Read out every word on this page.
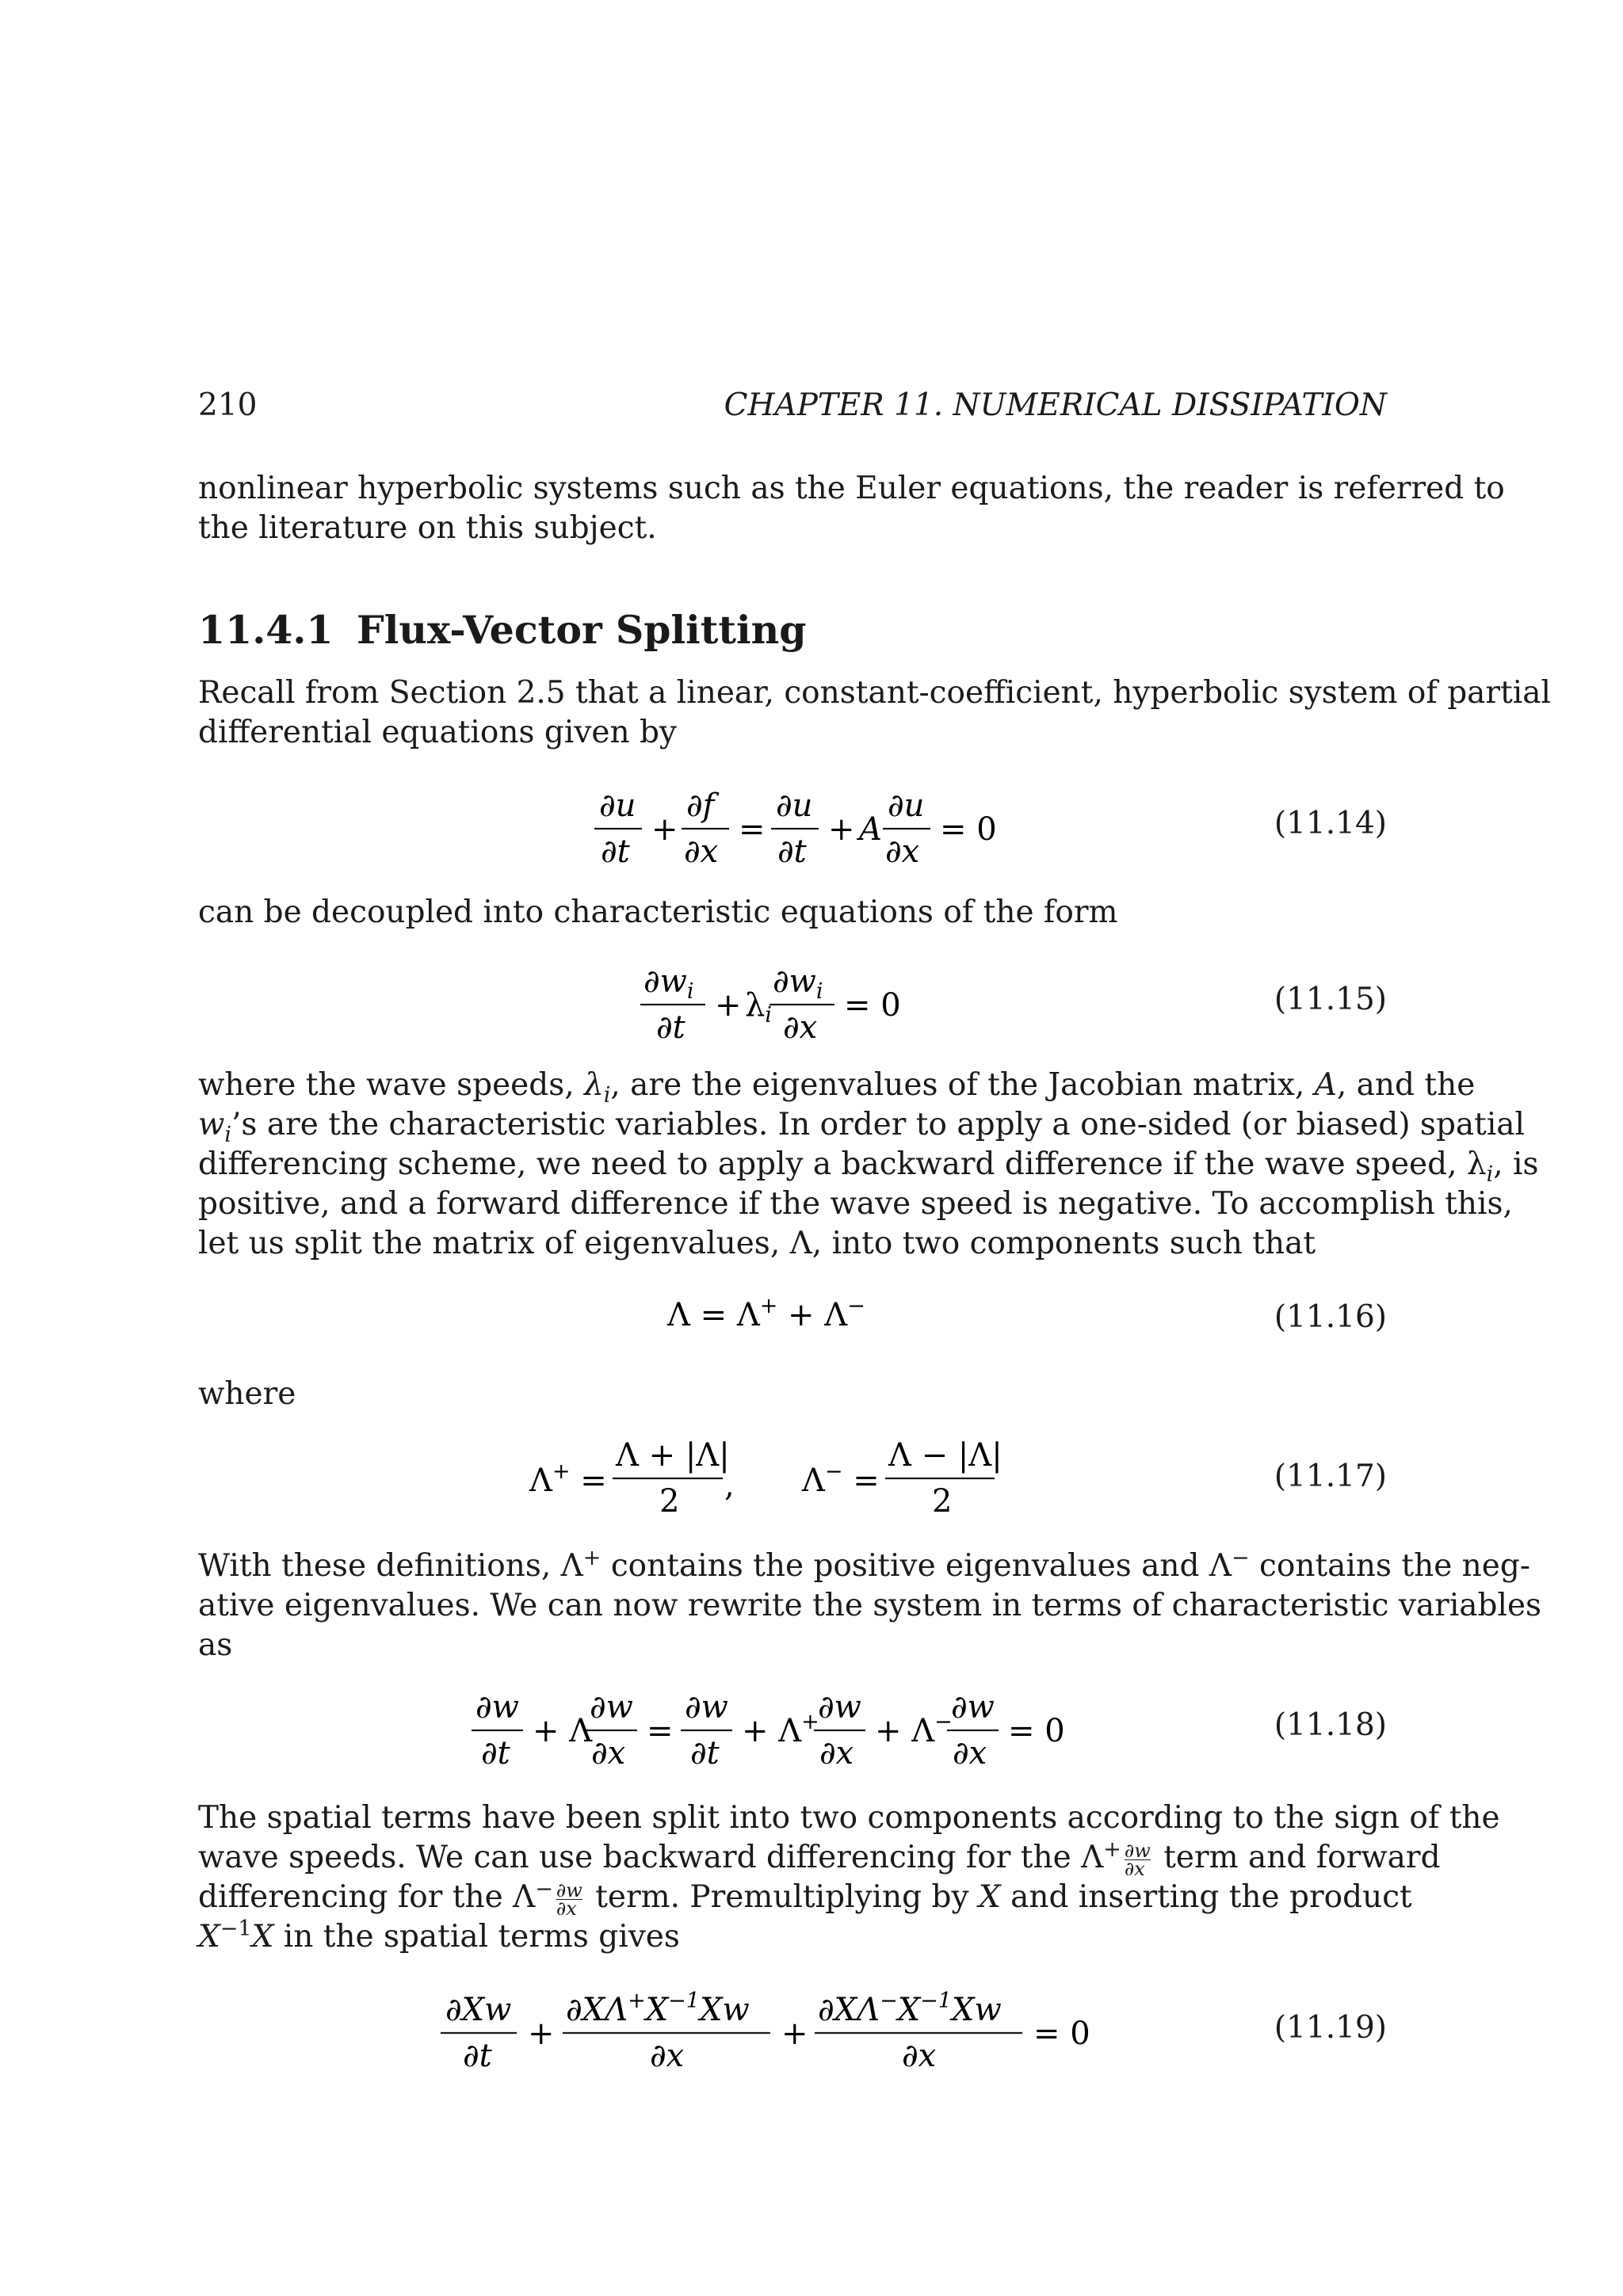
210	CHAPTER 11. NUMERICAL DISSIPATION
nonlinear hyperbolic systems such as the Euler equations, the reader is referred to
the literature on this subject.
11.4.1 Flux-Vector Splitting
Recall from Section 2.5 that a linear, constant-coefficient, hyperbolic system of partial
differential equations given by
∂u
∂t
+
∂f
∂x
=
∂u
∂t
+ A
∂u
∂x
= 0	(11.14)
can be decoupled into characteristic equations of the form
$\partial w_i$
∂t
+ $\lambda_i$
$\partial w_i$
∂x
= 0	(11.15)
where the wave speeds, $\lambda_i$, are the eigenvalues of the Jacobian matrix, A, and the
$w_i’s$ are the characteristic variables. In order to apply a one-sided (or biased) spatial
differencing scheme, we need to apply a backward difference if the wave speed, $\lambda_i$, is
positive, and a forward difference if the wave speed is negative. To accomplish this,
let us split the matrix of eigenvalues, Λ, into two components such that
Λ = Λ+ + Λ−	(11.16)
where
Λ+ =
Λ + |Λ|
2 , Λ− =
Λ − |Λ|
2
(11.17)
With these definitions, Λ+ contains the positive eigenvalues and Λ− contains the neg-
ative eigenvalues. We can now rewrite the system in terms of characteristic variables
as
∂w
∂t
+ Λ
∂w
∂x
=
∂w
∂t
+ Λ+
∂w
∂x
+ Λ−
∂w
∂x
= 0	(11.18)
The spatial terms have been split into two components according to the sign of the
wave speeds. We can use backward differencing for the $\Lambda^+ \frac{\partial w}{\partial x}$ term and forward
differencing for the $\Lambda^- \frac{\partial w}{\partial x}$ term. Premultiplying by X and inserting the product
$X^{-1}X$ in the spatial terms gives
∂Xw
∂t
+
$\partial X\Lambda^+X^{-1}Xw$
∂x
+
$\partial X\Lambda^-X^{-1}Xw$
∂x
= 0	(11.19)
